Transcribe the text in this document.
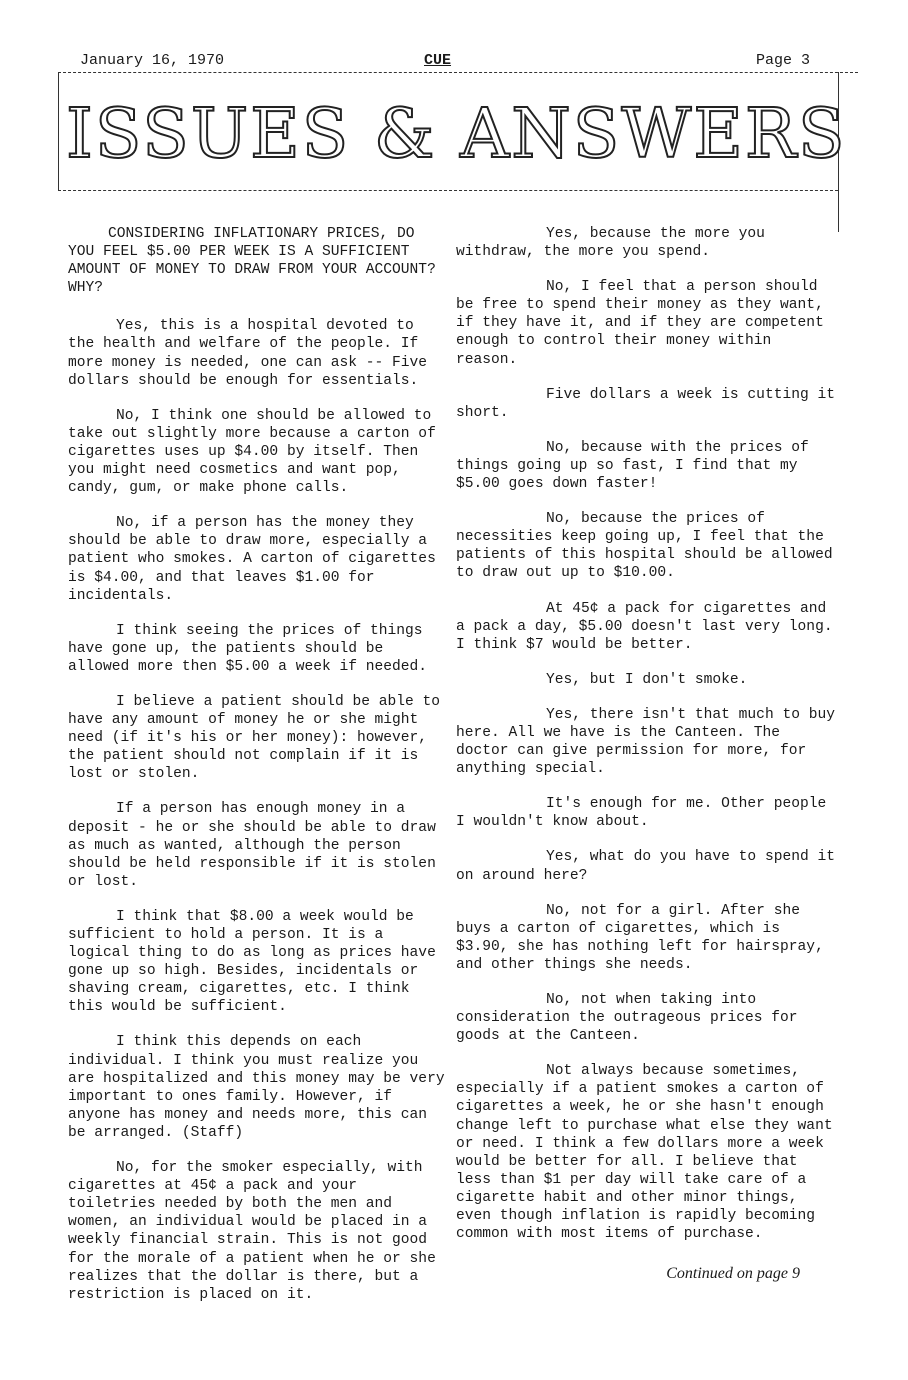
January 16, 1970	CUE	Page 3
ISSUES & ANSWERS

CONSIDERING INFLATIONARY PRICES, DO YOU FEEL $5.00 PER WEEK IS A SUFFICIENT AMOUNT OF MONEY TO DRAW FROM YOUR ACCOUNT? WHY?

Yes, this is a hospital devoted to the health and welfare of the people. If more money is needed, one can ask -- Five dollars should be enough for essentials.

No, I think one should be allowed to take out slightly more because a carton of cigarettes uses up $4.00 by itself. Then you might need cosmetics and want pop, candy, gum, or make phone calls.

No, if a person has the money they should be able to draw more, especially a patient who smokes. A carton of cigarettes is $4.00, and that leaves $1.00 for incidentals.

I think seeing the prices of things have gone up, the patients should be allowed more then $5.00 a week if needed.

I believe a patient should be able to have any amount of money he or she might need (if it's his or her money): however, the patient should not complain if it is lost or stolen.

If a person has enough money in a deposit - he or she should be able to draw as much as wanted, although the person should be held responsible if it is stolen or lost.

I think that $8.00 a week would be sufficient to hold a person. It is a logical thing to do as long as prices have gone up so high. Besides, incidentals or shaving cream, cigarettes, etc. I think this would be sufficient.

I think this depends on each individual. I think you must realize you are hospitalized and this money may be very important to ones family. However, if anyone has money and needs more, this can be arranged. (Staff)

No, for the smoker especially, with cigarettes at 45¢ a pack and your toiletries needed by both the men and women, an individual would be placed in a weekly financial strain. This is not good for the morale of a patient when he or she realizes that the dollar is there, but a restriction is placed on it.

Yes, because the more you withdraw, the more you spend.

No, I feel that a person should be free to spend their money as they want, if they have it, and if they are competent enough to control their money within reason.

Five dollars a week is cutting it short.

No, because with the prices of things going up so fast, I find that my $5.00 goes down faster!

No, because the prices of necessities keep going up, I feel that the patients of this hospital should be allowed to draw out up to $10.00.

At 45¢ a pack for cigarettes and a pack a day, $5.00 doesn't last very long. I think $7 would be better.

Yes, but I don't smoke.

Yes, there isn't that much to buy here. All we have is the Canteen. The doctor can give permission for more, for anything special.

It's enough for me. Other people I wouldn't know about.

Yes, what do you have to spend it on around here?

No, not for a girl. After she buys a carton of cigarettes, which is $3.90, she has nothing left for hairspray, and other things she needs.

No, not when taking into consideration the outrageous prices for goods at the Canteen.

Not always because sometimes, especially if a patient smokes a carton of cigarettes a week, he or she hasn't enough change left to purchase what else they want or need. I think a few dollars more a week would be better for all. I believe that less than $1 per day will take care of a cigarette habit and other minor things, even though inflation is rapidly becoming common with most items of purchase.

Continued on page 9
